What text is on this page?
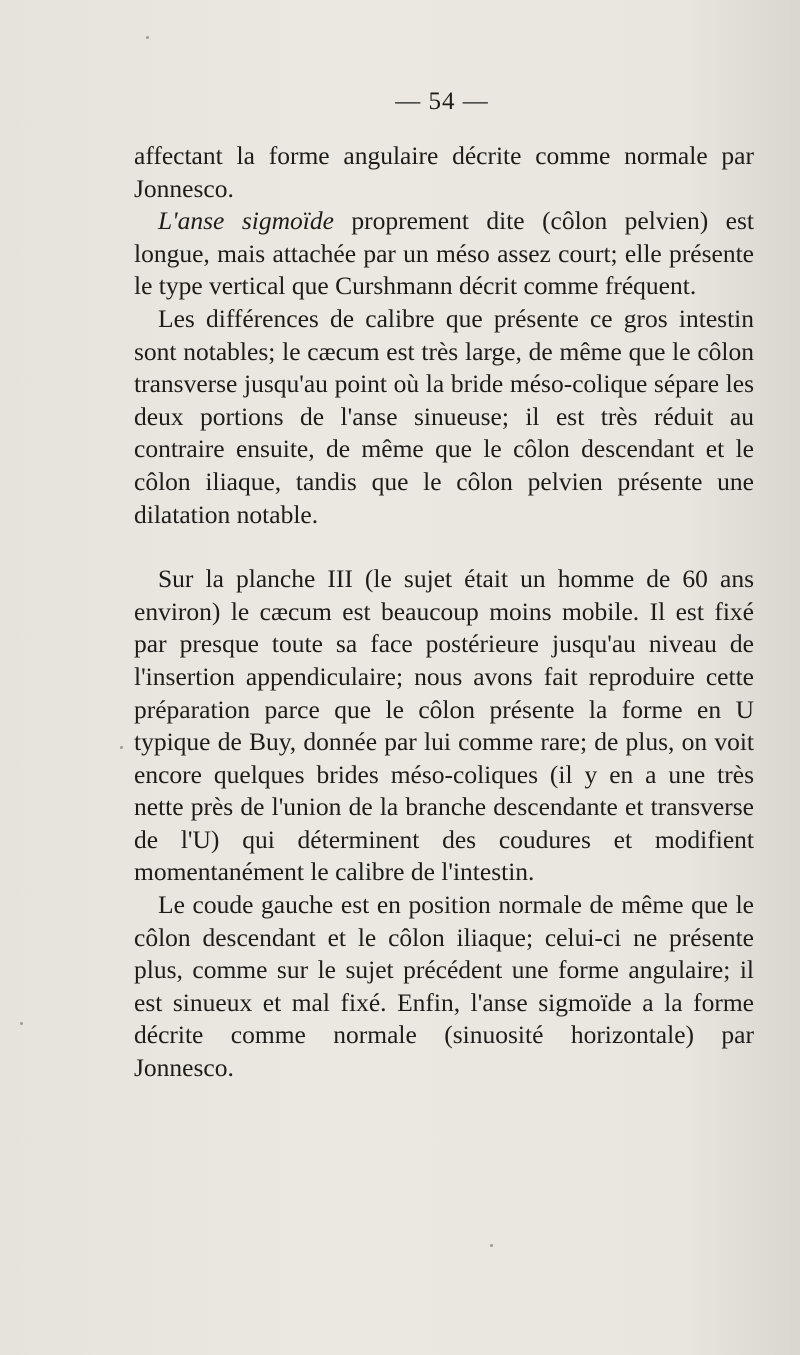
— 54 —

affectant la forme angulaire décrite comme normale par Jonnesco.

L'anse sigmoïde proprement dite (côlon pelvien) est longue, mais attachée par un méso assez court; elle présente le type vertical que Curshmann décrit comme fréquent.

Les différences de calibre que présente ce gros intestin sont notables; le cæcum est très large, de même que le côlon transverse jusqu'au point où la bride méso-colique sépare les deux portions de l'anse sinueuse; il est très réduit au contraire ensuite, de même que le côlon descendant et le côlon iliaque, tandis que le côlon pelvien présente une dilatation notable.

Sur la planche III (le sujet était un homme de 60 ans environ) le cæcum est beaucoup moins mobile. Il est fixé par presque toute sa face postérieure jusqu'au niveau de l'insertion appendiculaire; nous avons fait reproduire cette préparation parce que le côlon présente la forme en U typique de Buy, donnée par lui comme rare; de plus, on voit encore quelques brides méso-coliques (il y en a une très nette près de l'union de la branche descendante et transverse de l'U) qui déterminent des coudures et modifient momentanément le calibre de l'intestin.

Le coude gauche est en position normale de même que le côlon descendant et le côlon iliaque; celui-ci ne présente plus, comme sur le sujet précédent une forme angulaire; il est sinueux et mal fixé. Enfin, l'anse sigmoïde a la forme décrite comme normale (sinuosité horizontale) par Jonnesco.
